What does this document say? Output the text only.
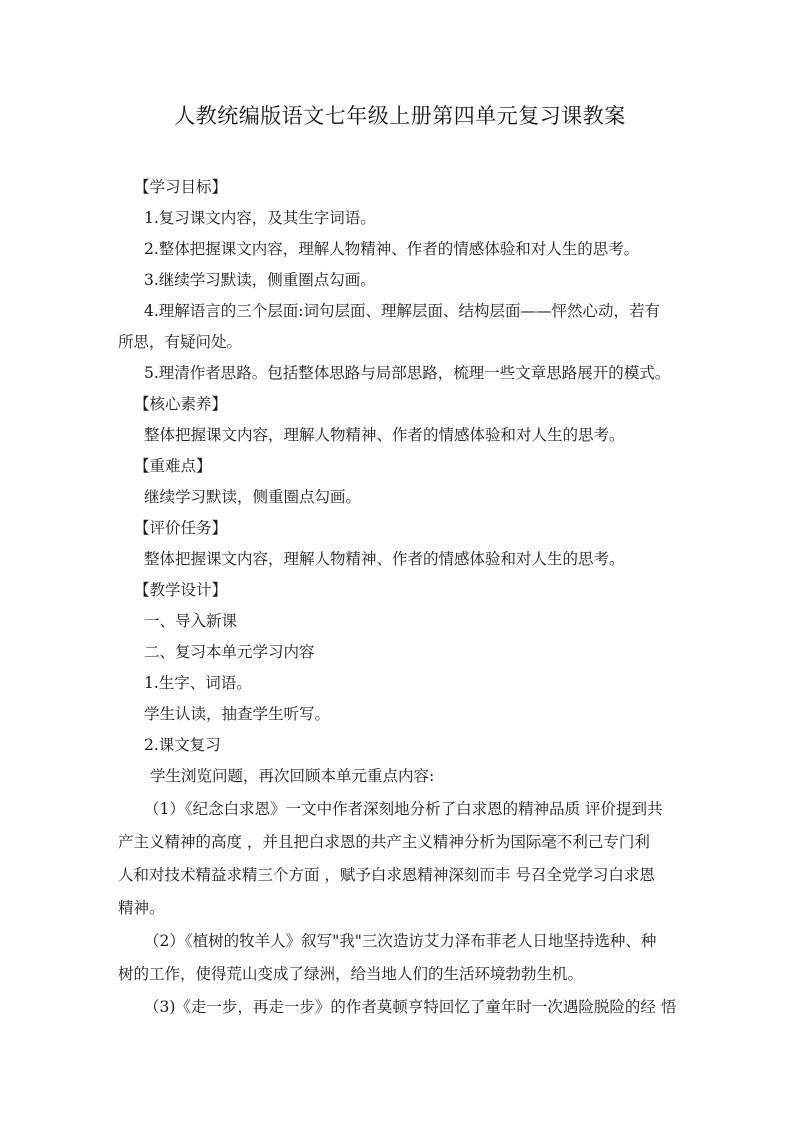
人教统编版语文七年级上册第四单元复习课教案
【学习目标】
1.复习课文内容，及其生字词语。
2.整体把握课文内容，理解人物精神、作者的情感体验和对人生的思考。
3.继续学习默读，侧重圈点勾画。
4.理解语言的三个层面:词句层面、理解层面、结构层面——怦然心动，若有
所思，有疑问处。
5.理清作者思路。包括整体思路与局部思路，梳理一些文章思路展开的模式。
【核心素养】
整体把握课文内容，理解人物精神、作者的情感体验和对人生的思考。
【重难点】
继续学习默读，侧重圈点勾画。
【评价任务】
整体把握课文内容，理解人物精神、作者的情感体验和对人生的思考。
【教学设计】
一、导入新课
二、复习本单元学习内容
1.生字、词语。
学生认读，抽查学生听写。
2.课文复习
学生浏览问题，再次回顾本单元重点内容:
（1）《纪念白求恩》一文中作者深刻地分析了白求恩的精神品质 评价提到共
产主义精神的高度 ，并且把白求恩的共产主义精神分析为国际毫不利己专门利
人和对技术精益求精三个方面 ，赋予白求恩精神深刻而丰 号召全党学习白求恩
精神。
（2）《植树的牧羊人》叙写"我"三次造访艾力泽布菲老人日地坚持选种、种
树的工作，使得荒山变成了绿洲，给当地人们的生活环境勃勃生机。
（3)《走一步，再走一步》的作者莫顿亨特回忆了童年时一次遇险脱险的经 悟
